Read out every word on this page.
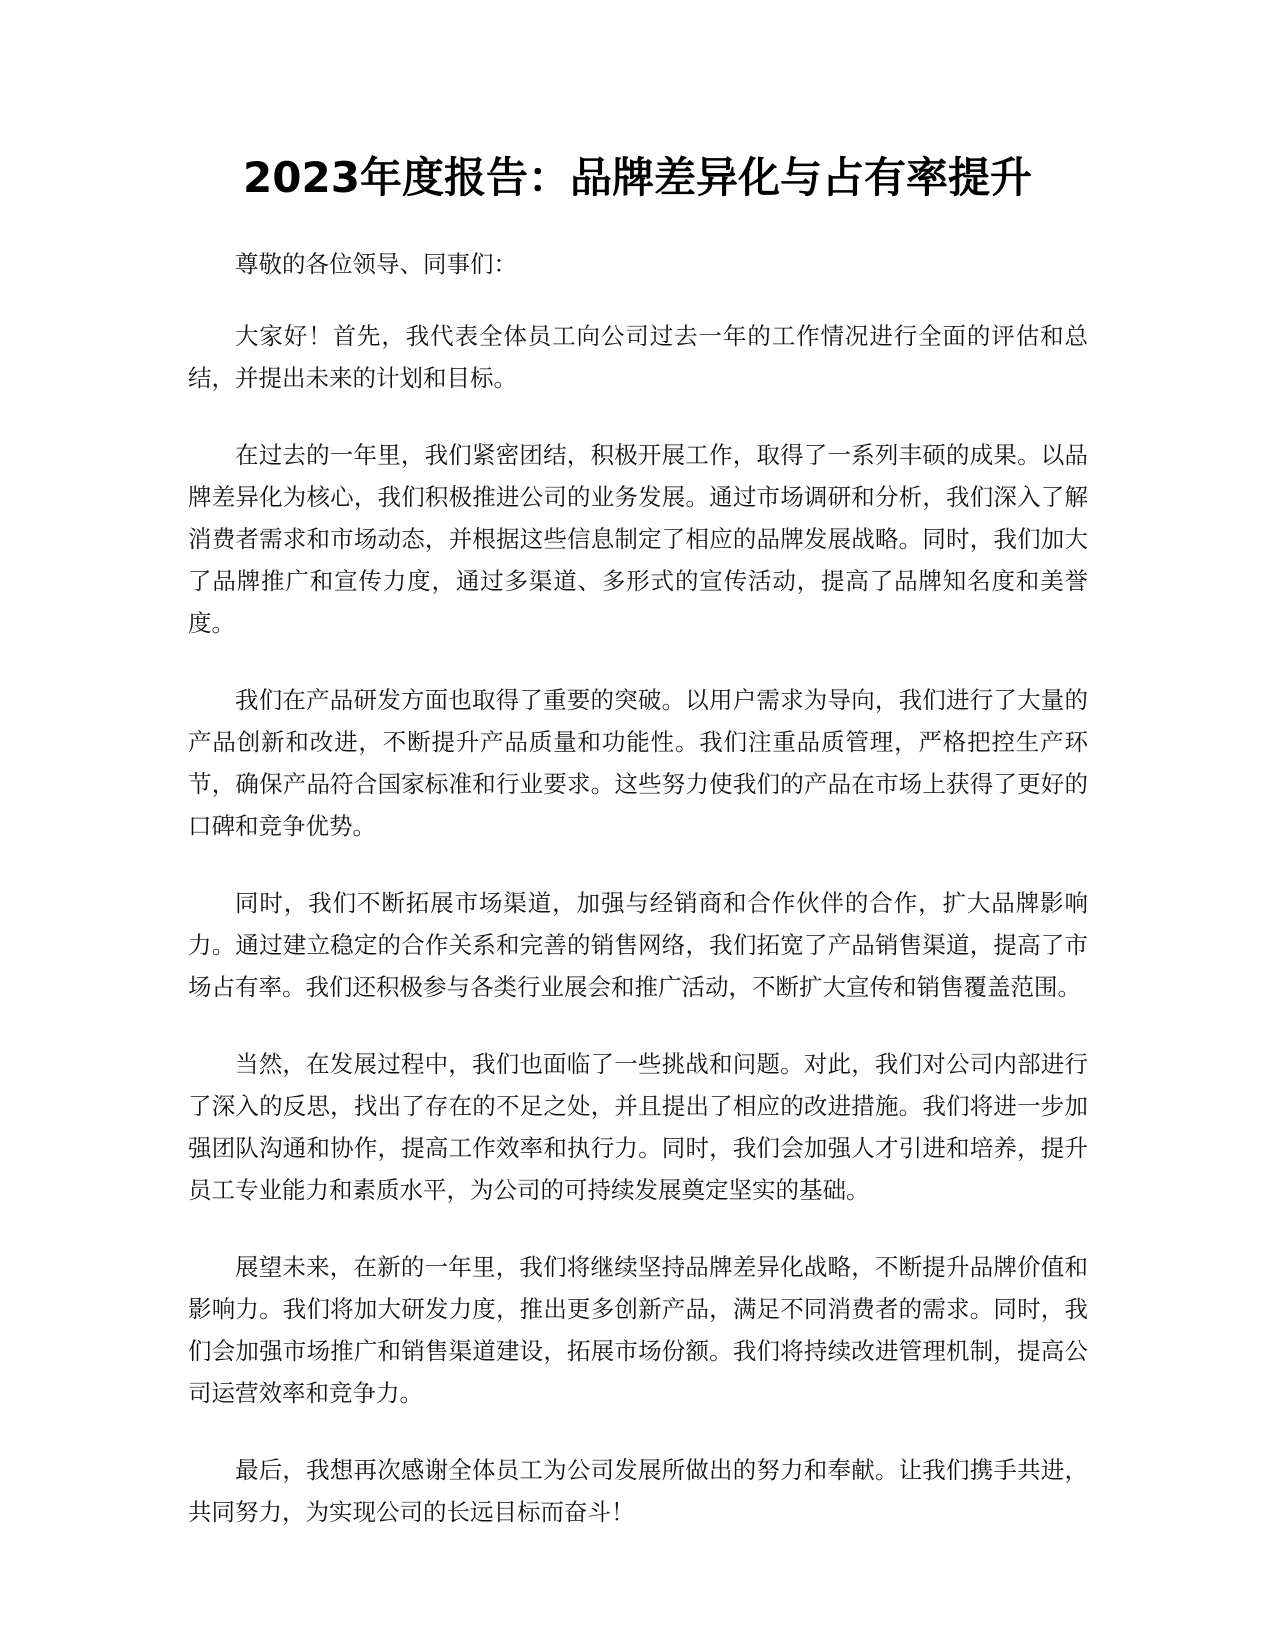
2023年度报告：品牌差异化与占有率提升

尊敬的各位领导、同事们：

大家好！首先，我代表全体员工向公司过去一年的工作情况进行全面的评估和总结，并提出未来的计划和目标。

在过去的一年里，我们紧密团结，积极开展工作，取得了一系列丰硕的成果。以品牌差异化为核心，我们积极推进公司的业务发展。通过市场调研和分析，我们深入了解消费者需求和市场动态，并根据这些信息制定了相应的品牌发展战略。同时，我们加大了品牌推广和宣传力度，通过多渠道、多形式的宣传活动，提高了品牌知名度和美誉度。

我们在产品研发方面也取得了重要的突破。以用户需求为导向，我们进行了大量的产品创新和改进，不断提升产品质量和功能性。我们注重品质管理，严格把控生产环节，确保产品符合国家标准和行业要求。这些努力使我们的产品在市场上获得了更好的口碑和竞争优势。

同时，我们不断拓展市场渠道，加强与经销商和合作伙伴的合作，扩大品牌影响力。通过建立稳定的合作关系和完善的销售网络，我们拓宽了产品销售渠道，提高了市场占有率。我们还积极参与各类行业展会和推广活动，不断扩大宣传和销售覆盖范围。

当然，在发展过程中，我们也面临了一些挑战和问题。对此，我们对公司内部进行了深入的反思，找出了存在的不足之处，并且提出了相应的改进措施。我们将进一步加强团队沟通和协作，提高工作效率和执行力。同时，我们会加强人才引进和培养，提升员工专业能力和素质水平，为公司的可持续发展奠定坚实的基础。

展望未来，在新的一年里，我们将继续坚持品牌差异化战略，不断提升品牌价值和影响力。我们将加大研发力度，推出更多创新产品，满足不同消费者的需求。同时，我们会加强市场推广和销售渠道建设，拓展市场份额。我们将持续改进管理机制，提高公司运营效率和竞争力。

最后，我想再次感谢全体员工为公司发展所做出的努力和奉献。让我们携手共进，共同努力，为实现公司的长远目标而奋斗！
